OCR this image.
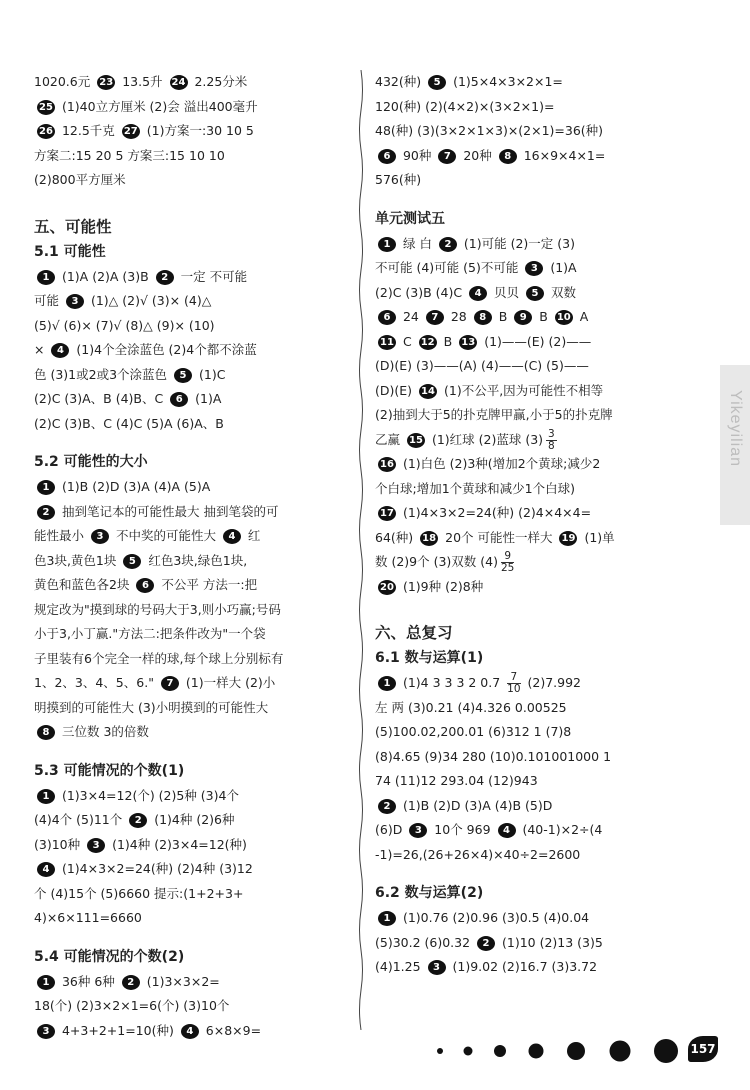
1020.6元 23 13.5升 24 2.25分米
25 (1)40立方厘米 (2)会 溢出400毫升
26 12.5千克 27 (1)方案一:30 10 5
方案二:15 20 5 方案三:15 10 10
(2)800平方厘米
五、可能性
5.1 可能性
1 (1)A (2)A (3)B 2 一定 不可能
可能 3 (1)△ (2)√ (3)× (4)△
(5)√ (6)× (7)√ (8)△ (9)× (10)
× 4 (1)4个全涂蓝色 (2)4个都不涂蓝
色 (3)1或2或3个涂蓝色 5 (1)C
(2)C (3)A、B (4)B、C 6 (1)A
(2)C (3)B、C (4)C (5)A (6)A、B
5.2 可能性的大小
1 (1)B (2)D (3)A (4)A (5)A
2 抽到笔记本的可能性最大 抽到笔袋的可
能性最小 3 不中奖的可能性大 4 红
色3块,黄色1块 5 红色3块,绿色1块,
黄色和蓝色各2块 6 不公平 方法一:把
规定改为"摸到球的号码大于3,则小巧赢;号码
小于3,小丁赢."方法二:把条件改为"一个袋
子里装有6个完全一样的球,每个球上分别标有
1、2、3、4、5、6." 7 (1)一样大 (2)小
明摸到的可能性大 (3)小明摸到的可能性大
8 三位数 3的倍数
5.3 可能情况的个数(1)
1 (1)3×4=12(个) (2)5种 (3)4个
(4)4个 (5)11个 2 (1)4种 (2)6种
(3)10种 3 (1)4种 (2)3×4=12(种)
4 (1)4×3×2=24(种) (2)4种 (3)12
个 (4)15个 (5)6660 提示:(1+2+3+
4)×6×111=6660
5.4 可能情况的个数(2)
1 36种 6种 2 (1)3×3×2=
18(个) (2)3×2×1=6(个) (3)10个
3 4+3+2+1=10(种) 4 6×8×9=
432(种) 5 (1)5×4×3×2×1=
120(种) (2)(4×2)×(3×2×1)=
48(种) (3)(3×2×1×3)×(2×1)=36(种)
6 90种 7 20种 8 16×9×4×1=
576(种)
单元测试五
1 绿 白 2 (1)可能 (2)一定 (3)
不可能 (4)可能 (5)不可能 3 (1)A
(2)C (3)B (4)C 4 贝贝 5 双数
6 24 7 28 8 B 9 B 10 A
11 C 12 B 13 (1)——(E) (2)——
(D)(E) (3)——(A) (4)——(C) (5)——
(D)(E) 14 (1)不公平,因为可能性不相等
(2)抽到大于5的扑克牌甲赢,小于5的扑克牌
乙赢 15 (1)红球 (2)蓝球 $(3) \frac{3}{8}$
16 (1)白色 (2)3种(增加2个黄球;减少2
个白球;增加1个黄球和减少1个白球)
17 (1)4×3×2=24(种) (2)4×4×4=
64(种) 18 20个 可能性一样大 19 (1)单
数 (2)9个 (3)双数 $(4) \frac{9}{25}$
20 (1)9种 (2)8种
六、总复习
6.1 数与运算(1)
1 (1)4 3 3 3 2 $0.7 \frac{7}{10} (2)7.992$
左 两 (3)0.21 (4)4.326 0.00525
(5)100.02,200.01 (6)312 1 (7)8
(8)4.65 (9)34 280 (10)0.101001000 1
74 (11)12 293.04 (12)943
2 (1)B (2)D (3)A (4)B (5)D
(6)D 3 10个 969 4 (40-1)×2÷(4
-1)=26,(26+26×4)×40÷2=2600
6.2 数与运算(2)
1 (1)0.76 (2)0.96 (3)0.5 (4)0.04
(5)30.2 (6)0.32 2 (1)10 (2)13 (3)5
(4)1.25 3 (1)9.02 (2)16.7 (3)3.72
Yikeyilian
157
